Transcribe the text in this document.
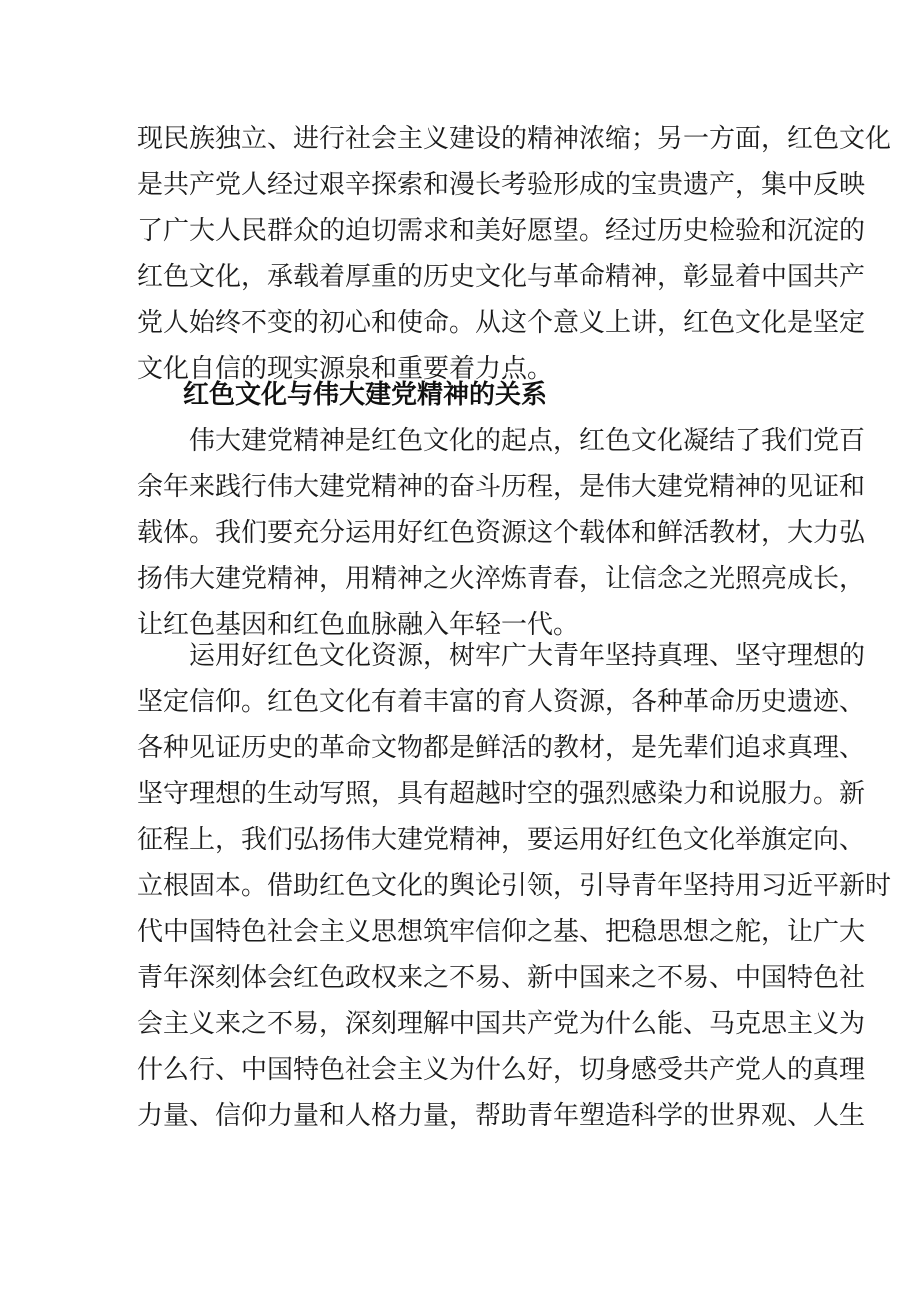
现民族独立、进行社会主义建设的精神浓缩；另一方面，红色文化
是共产党人经过艰辛探索和漫长考验形成的宝贵遗产，集中反映
了广大人民群众的迫切需求和美好愿望。经过历史检验和沉淀的
红色文化，承载着厚重的历史文化与革命精神，彰显着中国共产
党人始终不变的初心和使命。从这个意义上讲，红色文化是坚定
文化自信的现实源泉和重要着力点。
红色文化与伟大建党精神的关系
伟大建党精神是红色文化的起点，红色文化凝结了我们党百
余年来践行伟大建党精神的奋斗历程，是伟大建党精神的见证和
载体。我们要充分运用好红色资源这个载体和鲜活教材，大力弘
扬伟大建党精神，用精神之火淬炼青春，让信念之光照亮成长，
让红色基因和红色血脉融入年轻一代。
运用好红色文化资源，树牢广大青年坚持真理、坚守理想的
坚定信仰。红色文化有着丰富的育人资源，各种革命历史遗迹、
各种见证历史的革命文物都是鲜活的教材，是先辈们追求真理、
坚守理想的生动写照，具有超越时空的强烈感染力和说服力。新
征程上，我们弘扬伟大建党精神，要运用好红色文化举旗定向、
立根固本。借助红色文化的舆论引领，引导青年坚持用习近平新时
代中国特色社会主义思想筑牢信仰之基、把稳思想之舵，让广大
青年深刻体会红色政权来之不易、新中国来之不易、中国特色社
会主义来之不易，深刻理解中国共产党为什么能、马克思主义为
什么行、中国特色社会主义为什么好，切身感受共产党人的真理
力量、信仰力量和人格力量，帮助青年塑造科学的世界观、人生
